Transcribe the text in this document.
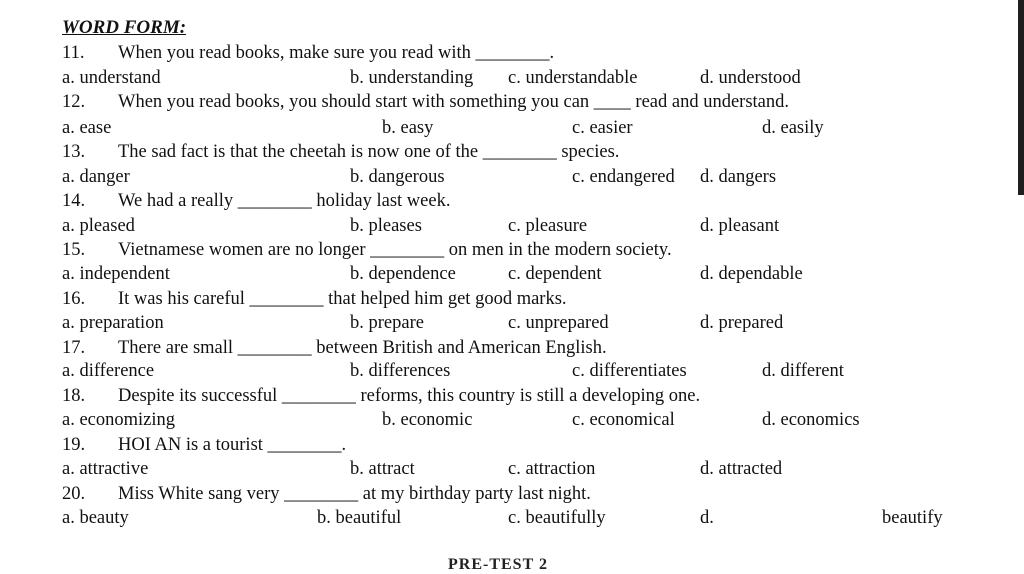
WORD FORM:
11. When you read books, make sure you read with ________.
a. understand	b. understanding c. understandable	d. understood
12. When you read books, you should start with something you can ____ read and understand.
a. ease	b. easy	c. easier	d. easily
13. The sad fact is that the cheetah is now one of the ________ species.
a. danger	b. dangerous	c. endangered d. dangers
14. We had a really ________ holiday last week.
a. pleased	b. pleases	c. pleasure	d. pleasant
15. Vietnamese women are no longer ________ on men in the modern society.
a. independent	b. dependence	c. dependent	d. dependable
16. It was his careful ________ that helped him get good marks.
a. preparation	b. prepare	c. unprepared	d. prepared
17. There are small ________ between British and American English.
a. difference	b. differences	c. differentiates	d. different
18. Despite its successful ________ reforms, this country is still a developing one.
a. economizing	b. economic	c. economical	d. economics
19. HOI AN is a tourist ________.
a. attractive	b. attract	c. attraction	d. attracted
20. Miss White sang very ________ at my birthday party last night.
a. beauty	b. beautiful	c. beautifully	d.	beautify
PRE-TEST 2
